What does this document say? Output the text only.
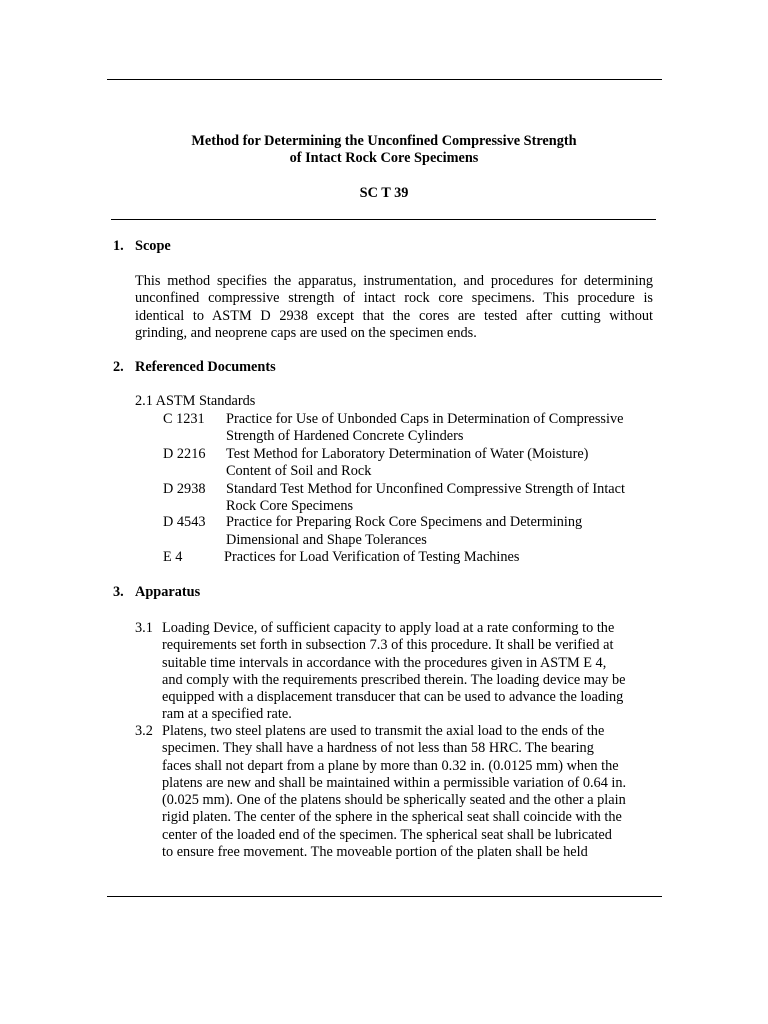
Method for Determining the Unconfined Compressive Strength
of Intact Rock Core Specimens
SC T 39
1. Scope
This method specifies the apparatus, instrumentation, and procedures for determining
unconfined compressive strength of intact rock core specimens. This procedure is
identical to ASTM D 2938 except that the cores are tested after cutting without
grinding, and neoprene caps are used on the specimen ends.
2. Referenced Documents
2.1 ASTM Standards
C 1231 Practice for Use of Unbonded Caps in Determination of Compressive
Strength of Hardened Concrete Cylinders
D 2216 Test Method for Laboratory Determination of Water (Moisture)
Content of Soil and Rock
D 2938 Standard Test Method for Unconfined Compressive Strength of Intact
Rock Core Specimens
D 4543 Practice for Preparing Rock Core Specimens and Determining
Dimensional and Shape Tolerances
E 4	Practices for Load Verification of Testing Machines
3. Apparatus
3.1 Loading Device, of sufficient capacity to apply load at a rate conforming to the
requirements set forth in subsection 7.3 of this procedure. It shall be verified at
suitable time intervals in accordance with the procedures given in ASTM E 4,
and comply with the requirements prescribed therein. The loading device may be
equipped with a displacement transducer that can be used to advance the loading
ram at a specified rate.
3.2 Platens, two steel platens are used to transmit the axial load to the ends of the
specimen. They shall have a hardness of not less than 58 HRC. The bearing
faces shall not depart from a plane by more than 0.32 in. (0.0125 mm) when the
platens are new and shall be maintained within a permissible variation of 0.64 in.
(0.025 mm). One of the platens should be spherically seated and the other a plain
rigid platen. The center of the sphere in the spherical seat shall coincide with the
center of the loaded end of the specimen. The spherical seat shall be lubricated
to ensure free movement. The moveable portion of the platen shall be held
